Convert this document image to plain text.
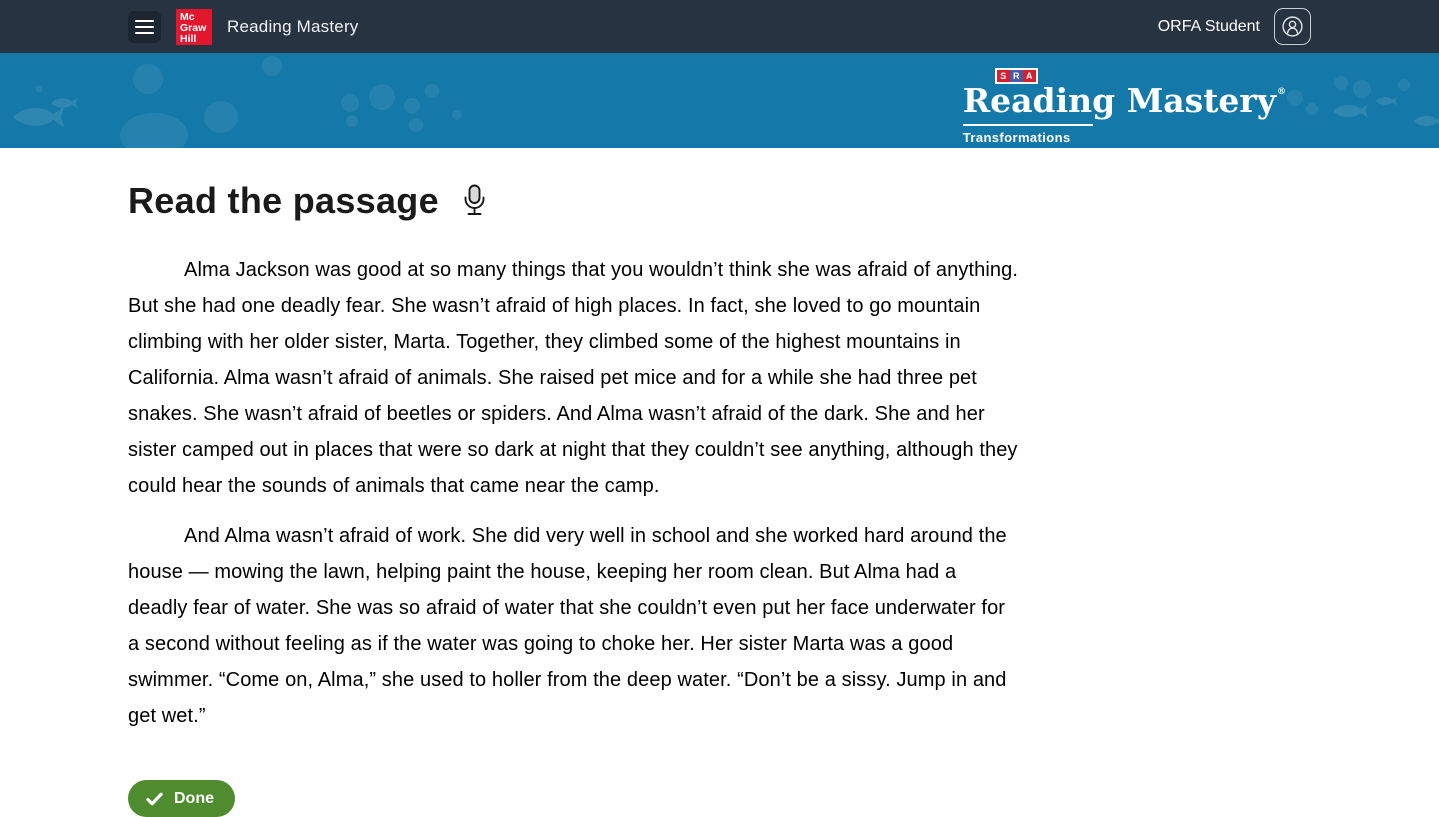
Mc
Graw
Hill
Reading Mastery	ORFA Student
S R A
Reading Mastery®
Transformations
Read the passage

Alma Jackson was good at so many things that you wouldn’t think she was afraid of anything. But she had one deadly fear. She wasn’t afraid of high places. In fact, she loved to go mountain climbing with her older sister, Marta. Together, they climbed some of the highest mountains in California. Alma wasn’t afraid of animals. She raised pet mice and for a while she had three pet snakes. She wasn’t afraid of beetles or spiders. And Alma wasn’t afraid of the dark. She and her sister camped out in places that were so dark at night that they couldn’t see anything, although they could hear the sounds of animals that came near the camp.

And Alma wasn’t afraid of work. She did very well in school and she worked hard around the house — mowing the lawn, helping paint the house, keeping her room clean. But Alma had a deadly fear of water. She was so afraid of water that she couldn’t even put her face underwater for a second without feeling as if the water was going to choke her. Her sister Marta was a good swimmer. “Come on, Alma,” she used to holler from the deep water. “Don’t be a sissy. Jump in and get wet.”

Done
